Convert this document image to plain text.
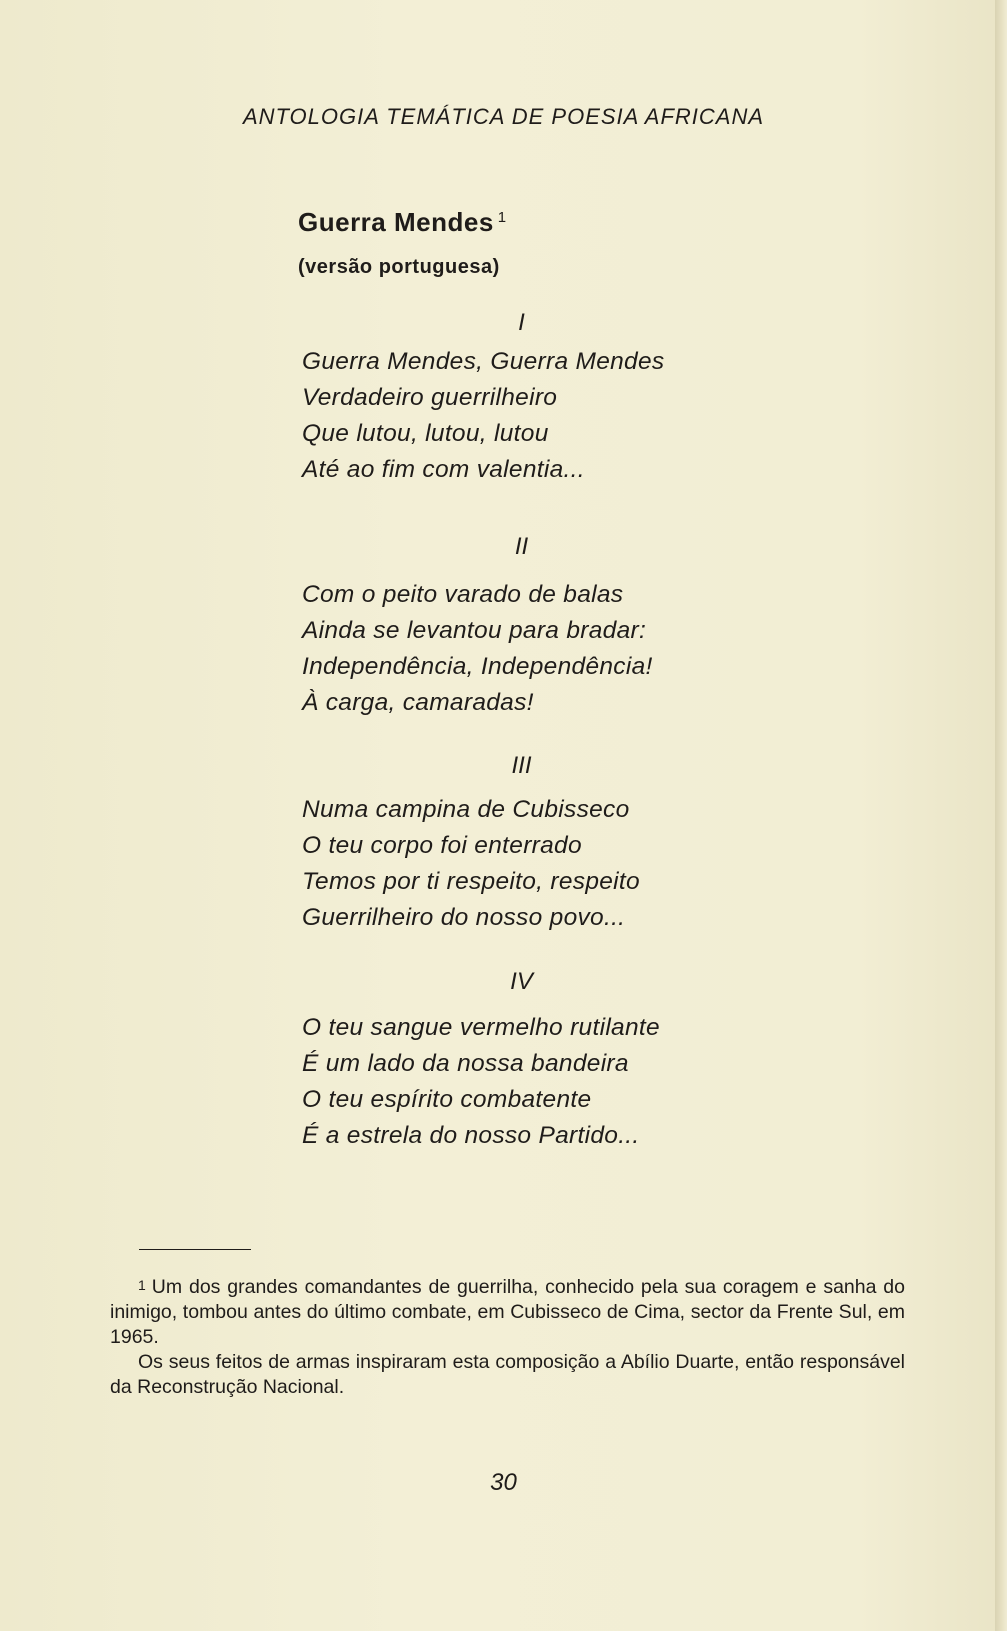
ANTOLOGIA TEMÁTICA DE POESIA AFRICANA
Guerra Mendes $^1$
(versão portuguesa)
I
Guerra Mendes, Guerra Mendes
Verdadeiro guerrilheiro
Que lutou, lutou, lutou
Até ao fim com valentia...
II
Com o peito varado de balas
Ainda se levantou para bradar:
Independência, Independência!
À carga, camaradas!
III
Numa campina de Cubisseco
O teu corpo foi enterrado
Temos por ti respeito, respeito
Guerrilheiro do nosso povo...
IV
O teu sangue vermelho rutilante
É um lado da nossa bandeira
O teu espírito combatente
É a estrela do nosso Partido...
1 Um dos grandes comandantes de guerrilha, conhecido pela sua coragem e sanha do inimigo, tombou antes do último combate, em Cubisseco de Cima, sector da Frente Sul, em 1965.
Os seus feitos de armas inspiraram esta composição a Abílio Duarte, então responsável da Reconstrução Nacional.
30
